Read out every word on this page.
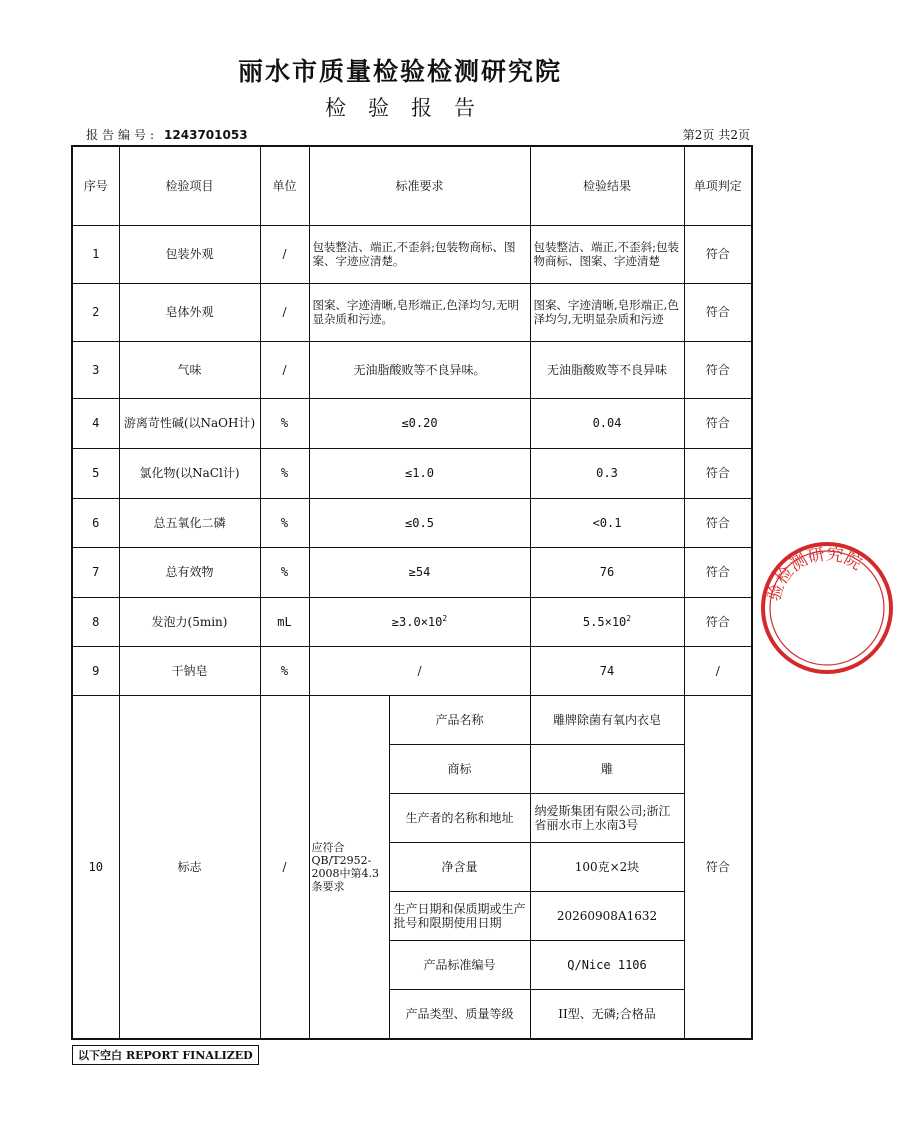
丽水市质量检验检测研究院
检验报告
报告编号: 1243701053	第2页 共2页
序号	检验项目	单位	标准要求		检验结果	单项判定
1	包装外观	/	包装整洁、端正,不歪斜;包装物商标、图案、字迹应清楚。		包装整洁、端正,不歪斜;包装物商标、图案、字迹清楚	符合
2	皂体外观	/	图案、字迹清晰,皂形端正,色泽均匀,无明显杂质和污迹。		图案、字迹清晰,皂形端正,色泽均匀,无明显杂质和污迹	符合
3	气味	/	无油脂酸败等不良异味。		无油脂酸败等不良异味	符合
4	游离苛性碱(以NaOH计)	%	≤0.20		0.04	符合
5	氯化物(以NaCl计)	%	≤1.0		0.3	符合
6	总五氧化二磷	%	≤0.5		<0.1	符合
7	总有效物	%	≥54		76	符合
8	发泡力(5min)	mL	$\ge 3.0\times 10^2$		$5.5\times 10^2$	符合
9	干钠皂	%	/		74	/
10	标志	/	应符合QB/T2952-2008中第4.3条要求	产品名称	雕牌除菌有氧内衣皂	符合
				商标	雕	
				生产者的名称和地址	纳爱斯集团有限公司;浙江省丽水市上水南3号	
				净含量	100克×2块	
				生产日期和保质期或生产批号和限期使用日期	20260908A1632	
				产品标准编号	Q/Nice 1106	
				产品类型、质量等级	II型、无磷;合格品	
以下空白 REPORT FINALIZED
验检测研究院
